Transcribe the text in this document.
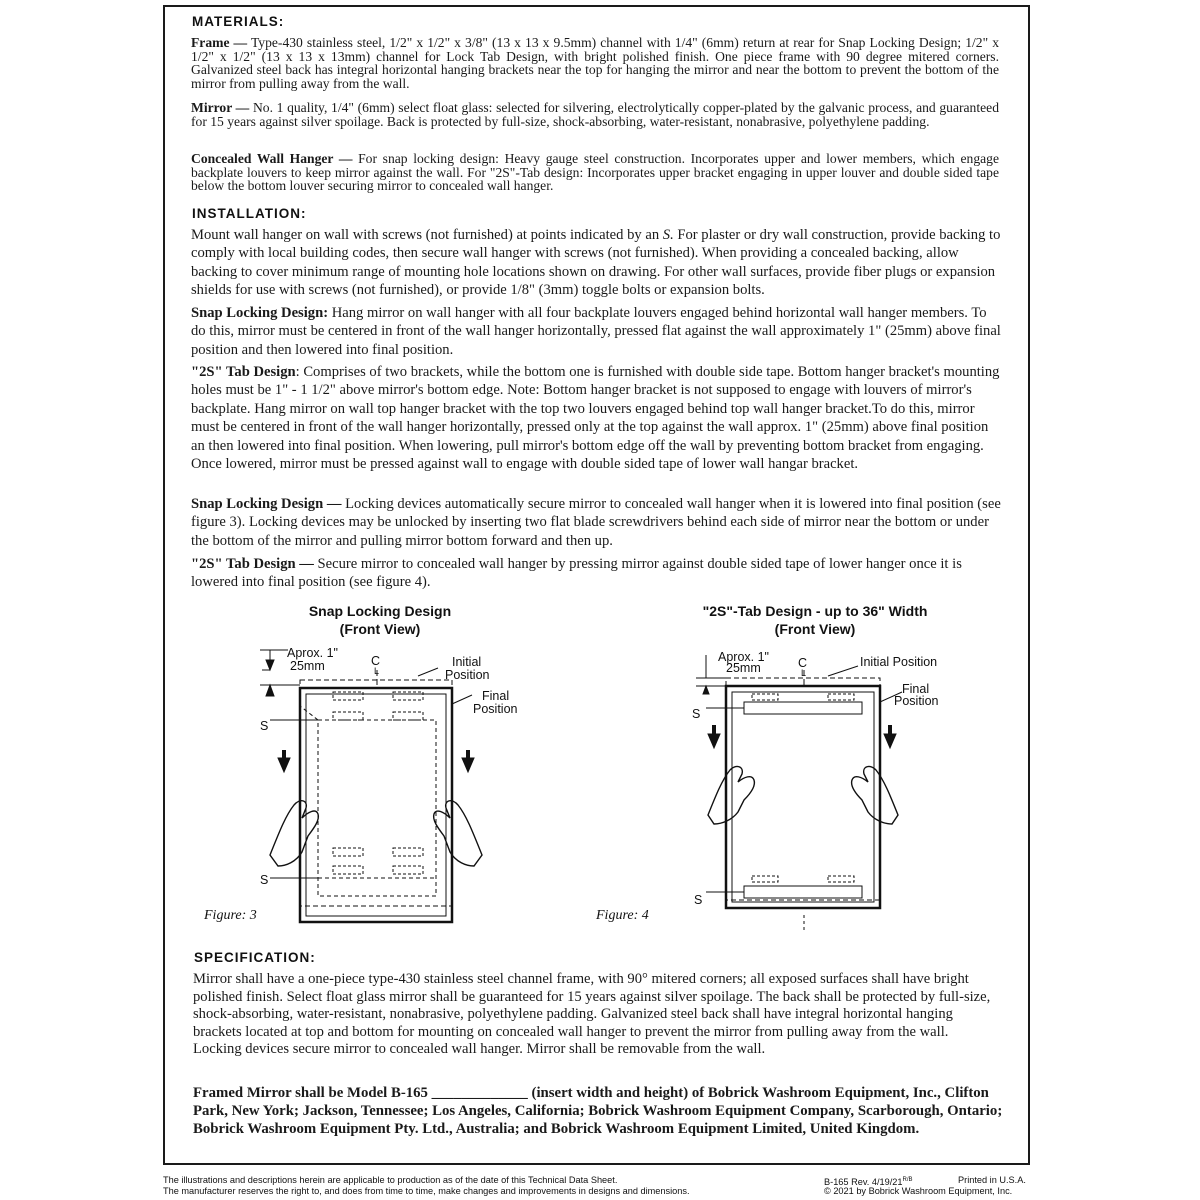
MATERIALS:
Frame — Type-430 stainless steel, 1/2" x 1/2" x 3/8" (13 x 13 x 9.5mm) channel with 1/4" (6mm) return at rear for Snap Locking Design; 1/2" x 1/2" x 1/2" (13 x 13 x 13mm) channel for Lock Tab Design, with bright polished finish. One piece frame with 90 degree mitered corners. Galvanized steel back has integral horizontal hanging brackets near the top for hanging the mirror and near the bottom to prevent the bottom of the mirror from pulling away from the wall.
Mirror — No. 1 quality, 1/4" (6mm) select float glass: selected for silvering, electrolytically copper-plated by the galvanic process, and guaranteed for 15 years against silver spoilage. Back is protected by full-size, shock-absorbing, water-resistant, nonabrasive, polyethylene padding.
Concealed Wall Hanger — For snap locking design: Heavy gauge steel construction. Incorporates upper and lower members, which engage backplate louvers to keep mirror against the wall. For "2S"-Tab design: Incorporates upper bracket engaging in upper louver and double sided tape below the bottom louver securing mirror to concealed wall hanger.
INSTALLATION:
Mount wall hanger on wall with screws (not furnished) at points indicated by an S. For plaster or dry wall construction, provide backing to comply with local building codes, then secure wall hanger with screws (not furnished). When providing a concealed backing, allow backing to cover minimum range of mounting hole locations shown on drawing. For other wall surfaces, provide fiber plugs or expansion shields for use with screws (not furnished), or provide 1/8" (3mm) toggle bolts or expansion bolts.
Snap Locking Design: Hang mirror on wall hanger with all four backplate louvers engaged behind horizontal wall hanger members. To do this, mirror must be centered in front of the wall hanger horizontally, pressed flat against the wall approximately 1" (25mm) above final position and then lowered into final position.
"2S" Tab Design: Comprises of two brackets, while the bottom one is furnished with double side tape. Bottom hanger bracket's mounting holes must be 1" - 1 1/2" above mirror's bottom edge. Note: Bottom hanger bracket is not supposed to engage with louvers of mirror's backplate. Hang mirror on wall top hanger bracket with the top two louvers engaged behind top wall hanger bracket.To do this, mirror must be centered in front of the wall hanger horizontally, pressed only at the top against the wall approx. 1" (25mm) above final position an then lowered into final position. When lowering, pull mirror's bottom edge off the wall by preventing bottom bracket from engaging. Once lowered, mirror must be pressed against wall to engage with double sided tape of lower wall hangar bracket.
Snap Locking Design — Locking devices automatically secure mirror to concealed wall hanger when it is lowered into final position (see figure 3). Locking devices may be unlocked by inserting two flat blade screwdrivers behind each side of mirror near the bottom or under the bottom of the mirror and pulling mirror bottom forward and then up.
"2S" Tab Design — Secure mirror to concealed wall hanger by pressing mirror against double sided tape of lower hanger once it is lowered into final position (see figure 4).
Snap Locking Design
(Front View)
Aprox. 1"
25mm	C
L
Initial
Position
Final
Position
S
S
Figure: 3
"2S"-Tab Design - up to 36" Width
(Front View)
Aprox. 1"
25mm	C
L
Initial Position
Final
Position
S
S
Figure: 4
SPECIFICATION:
Mirror shall have a one-piece type-430 stainless steel channel frame, with 90° mitered corners; all exposed surfaces shall have bright polished finish. Select float glass mirror shall be guaranteed for 15 years against silver spoilage. The back shall be protected by full-size, shock-absorbing, water-resistant, nonabrasive, polyethylene padding. Galvanized steel back shall have integral horizontal hanging brackets located at top and bottom for mounting on concealed wall hanger to prevent the mirror from pulling away from the wall. Locking devices secure mirror to concealed wall hanger. Mirror shall be removable from the wall.
Framed Mirror shall be Model B-165 _____________ (insert width and height) of Bobrick Washroom Equipment, Inc., Clifton Park, New York; Jackson, Tennessee; Los Angeles, California; Bobrick Washroom Equipment Company, Scarborough, Ontario; Bobrick Washroom Equipment Pty. Ltd., Australia; and Bobrick Washroom Equipment Limited, United Kingdom.
The illustrations and descriptions herein are applicable to production as of the date of this Technical Data Sheet.
The manufacturer reserves the right to, and does from time to time, make changes and improvements in designs and dimensions.
B-165 Rev. $4/19/21^{R/B}$	Printed in U.S.A.
© 2021 by Bobrick Washroom Equipment, Inc.
